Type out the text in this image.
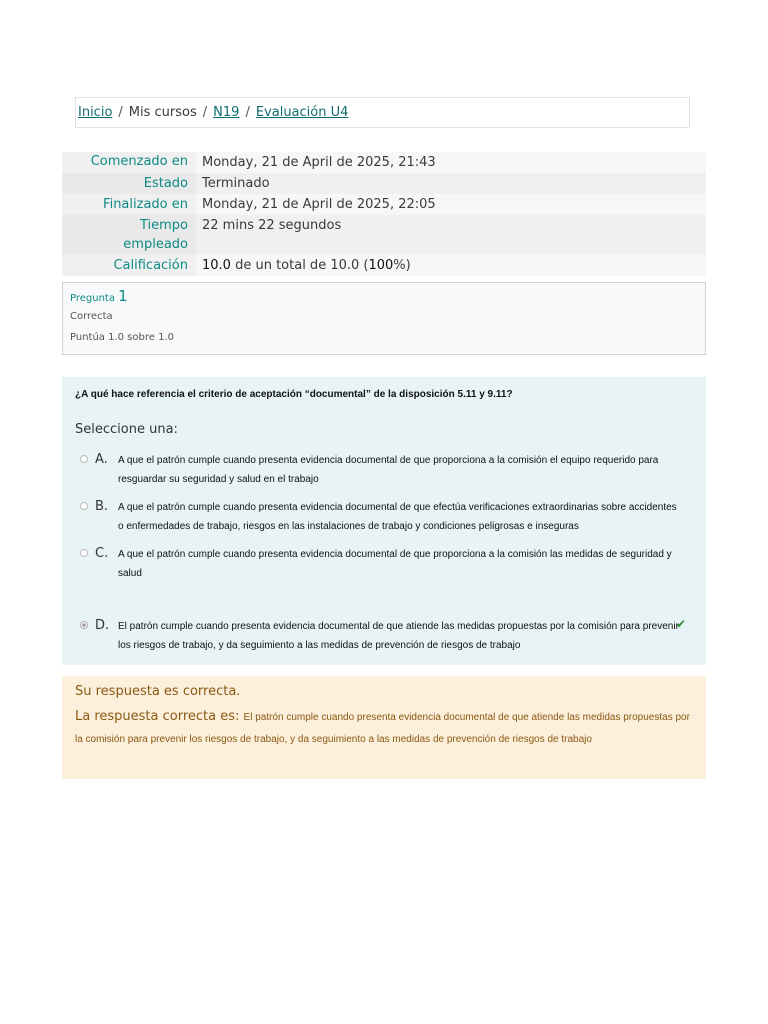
Inicio / Mis cursos / N19 / Evaluación U4
Comenzado en	Monday, 21 de April de 2025, 21:43
Estado	Terminado
Finalizado en	Monday, 21 de April de 2025, 22:05
Tiempo
empleado	22 mins 22 segundos
Calificación	10.0 de un total de 10.0 (100%)
Pregunta 1
Correcta
Puntúa 1.0 sobre 1.0
¿A qué hace referencia el criterio de aceptación “documental” de la disposición 5.11 y 9.11?
Seleccione una:
A. A que el patrón cumple cuando presenta evidencia documental de que proporciona a la comisión el equipo requerido para resguardar su seguridad y salud en el trabajo
B. A que el patrón cumple cuando presenta evidencia documental de que efectúa verificaciones extraordinarias sobre accidentes o enfermedades de trabajo, riesgos en las instalaciones de trabajo y condiciones peligrosas e inseguras
C. A que el patrón cumple cuando presenta evidencia documental de que proporciona a la comisión las medidas de seguridad y salud
D. El patrón cumple cuando presenta evidencia documental de que atiende las medidas propuestas por la comisión para prevenir los riesgos de trabajo, y da seguimiento a las medidas de prevención de riesgos de trabajo
✔
Su respuesta es correcta.
La respuesta correcta es: El patrón cumple cuando presenta evidencia documental de que atiende las medidas propuestas por la comisión para prevenir los riesgos de trabajo, y da seguimiento a las medidas de prevención de riesgos de trabajo
